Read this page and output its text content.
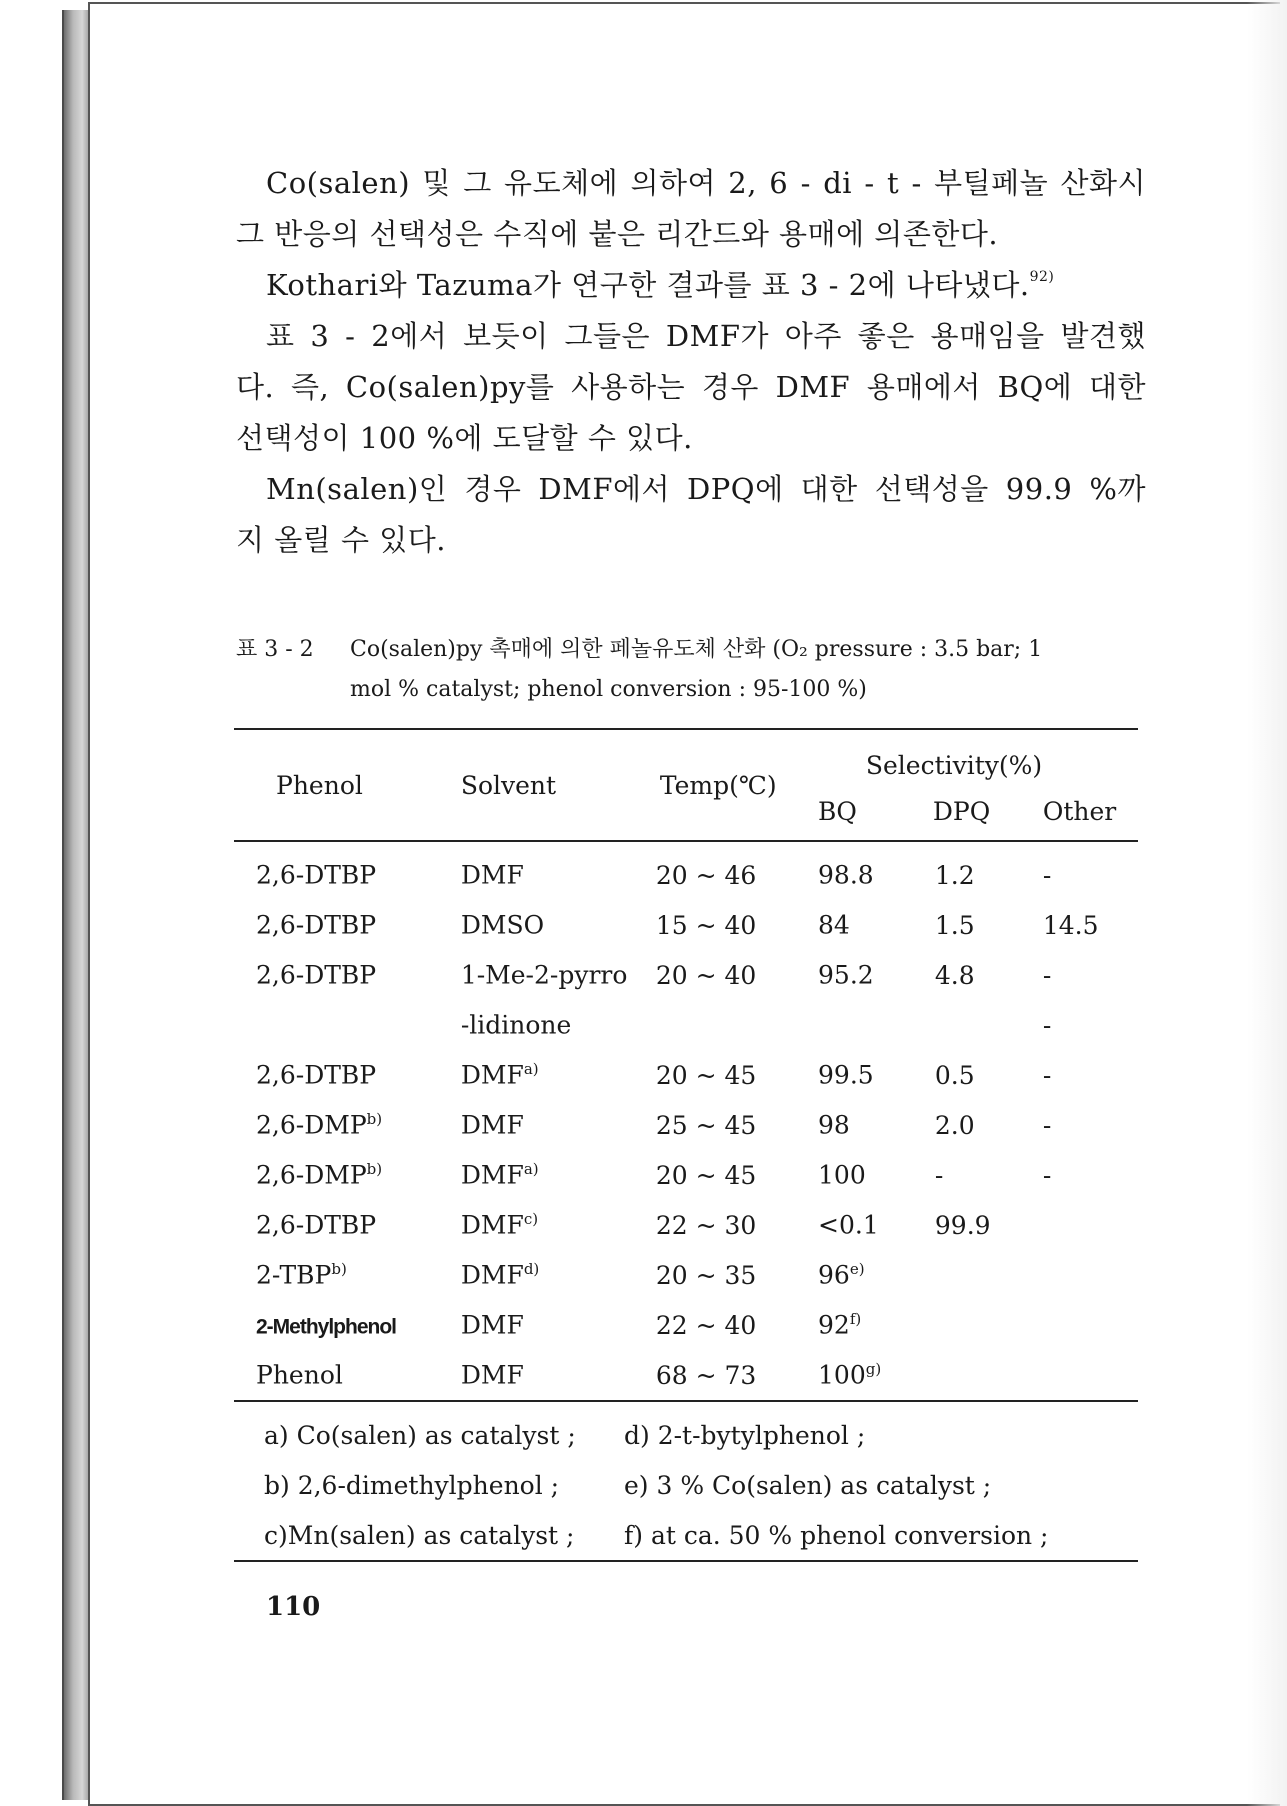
Co(salen) 및 그 유도체에 의하여 2, 6 - di - t - 부틸페놀 산화시

그 반응의 선택성은 수직에 붙은 리간드와 용매에 의존한다.

Kothari와 Tazuma가 연구한 결과를 표 3 - 2에 나타냈다.$^{92)}$

표 3 - 2에서 보듯이 그들은 DMF가 아주 좋은 용매임을 발견했

다. 즉, Co(salen)py를 사용하는 경우 DMF 용매에서 BQ에 대한

선택성이 100 %에 도달할 수 있다.

Mn(salen)인 경우 DMF에서 DPQ에 대한 선택성을 99.9 %까

지 올릴 수 있다.

표 3 - 2	Co(salen)py 촉매에 의한 페놀유도체 산화 (O₂ pressure : 3.5 bar; 1
mol % catalyst; phenol conversion : 95-100 %)
Phenol	Solvent	Temp(℃)	Selectivity(%)		
			BQ	DPQ	Other
2,6-DTBP	DMF	20 ~ 46	98.8	1.2	-
2,6-DTBP	DMSO	15 ~ 40	84	1.5	14.5
2,6-DTBP	1-Me-2-pyrro	20 ~ 40	95.2	4.8	-
	-lidinone				-
2,6-DTBP	DMF$^{a)}$	20 ~ 45	99.5	0.5	-
2,6-DMP$^{b)}$	DMF	25 ~ 45	98	2.0	-
2,6-DMP$^{b)}$	DMF$^{a)}$	20 ~ 45	100	-	-
2,6-DTBP	DMF$^{c)}$	22 ~ 30	<0.1	99.9	
2-TBP$^{b)}$	DMF$^{d)}$	20 ~ 35	96$^{e)}$		
2-Methylphenol	DMF	22 ~ 40	92$^{f)}$		
Phenol	DMF	68 ~ 73	100$^{g)}$		
a) Co(salen) as catalyst ;	d) 2-t-bytylphenol ;
b) 2,6-dimethylphenol ;	e) 3 % Co(salen) as catalyst ;
c)Mn(salen) as catalyst ;	f) at ca. 50 % phenol conversion ;
110
